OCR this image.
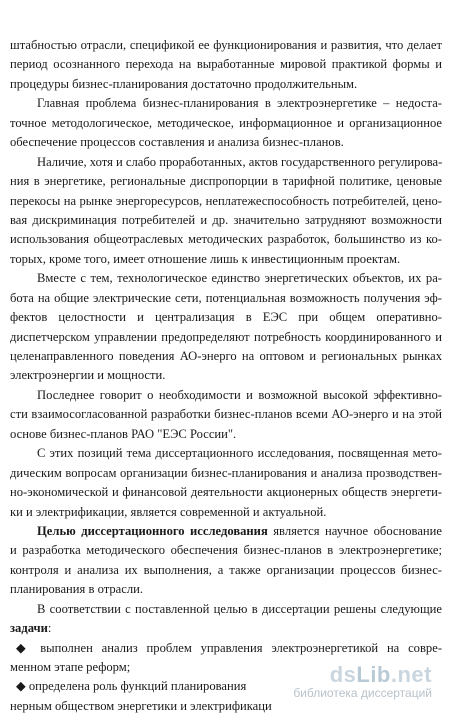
штабностью отрасли, спецификой ее функционирования и развития, что делает
период осознанного перехода на выработанные мировой практикой формы и
процедуры бизнес-планирования достаточно продолжительным.
Главная проблема бизнес-планирования в электроэнергетике – недоста-
точное методологическое, методическое, информационное и организационное
обеспечение процессов составления и анализа бизнес-планов.
Наличие, хотя и слабо проработанных, актов государственного регулирова-
ния в энергетике, региональные диспропорции в тарифной политике, ценовые
перекосы на рынке энергоресурсов, неплатежеспособность потребителей, цено-
вая дискриминация потребителей и др. значительно затрудняют возможности
использования общеотраслевых методических разработок, большинство из ко-
торых, кроме того, имеет отношение лишь к инвестиционным проектам.
Вместе с тем, технологическое единство энергетических объектов, их ра-
бота на общие электрические сети, потенциальная возможность получения эф-
фектов целостности и централизация в ЕЭС при общем оперативно-
диспетчерском управлении предопределяют потребность координированного и
целенаправленного поведения АО-энерго на оптовом и региональных рынках
электроэнергии и мощности.
Последнее говорит о необходимости и возможной высокой эффективно-
сти взаимосогласованной разработки бизнес-планов всеми АО-энерго и на этой
основе бизнес-планов РАО "ЕЭС России".
С этих позиций тема диссертационного исследования, посвященная мето-
дическим вопросам организации бизнес-планирования и анализа прозводствен-
но-экономической и финансовой деятельности акционерных обществ энергети-
ки и электрификации, является современной и актуальной.
Целью диссертационного исследования является научное обоснование
и разработка методического обеспечения бизнес-планов в электроэнергетике;
контроля и анализа их выполнения, а также организации процессов бизнес-
планирования в отрасли.
В соответствии с поставленной целью в диссертации решены следующие
задачи:
◆ выполнен анализ проблем управления электроэнергетикой на совре-
менном этапе реформ;
◆ определена роль функций планирования
нерным обществом энергетики и электрификаци
dsLib.net
библиотека диссертаций
